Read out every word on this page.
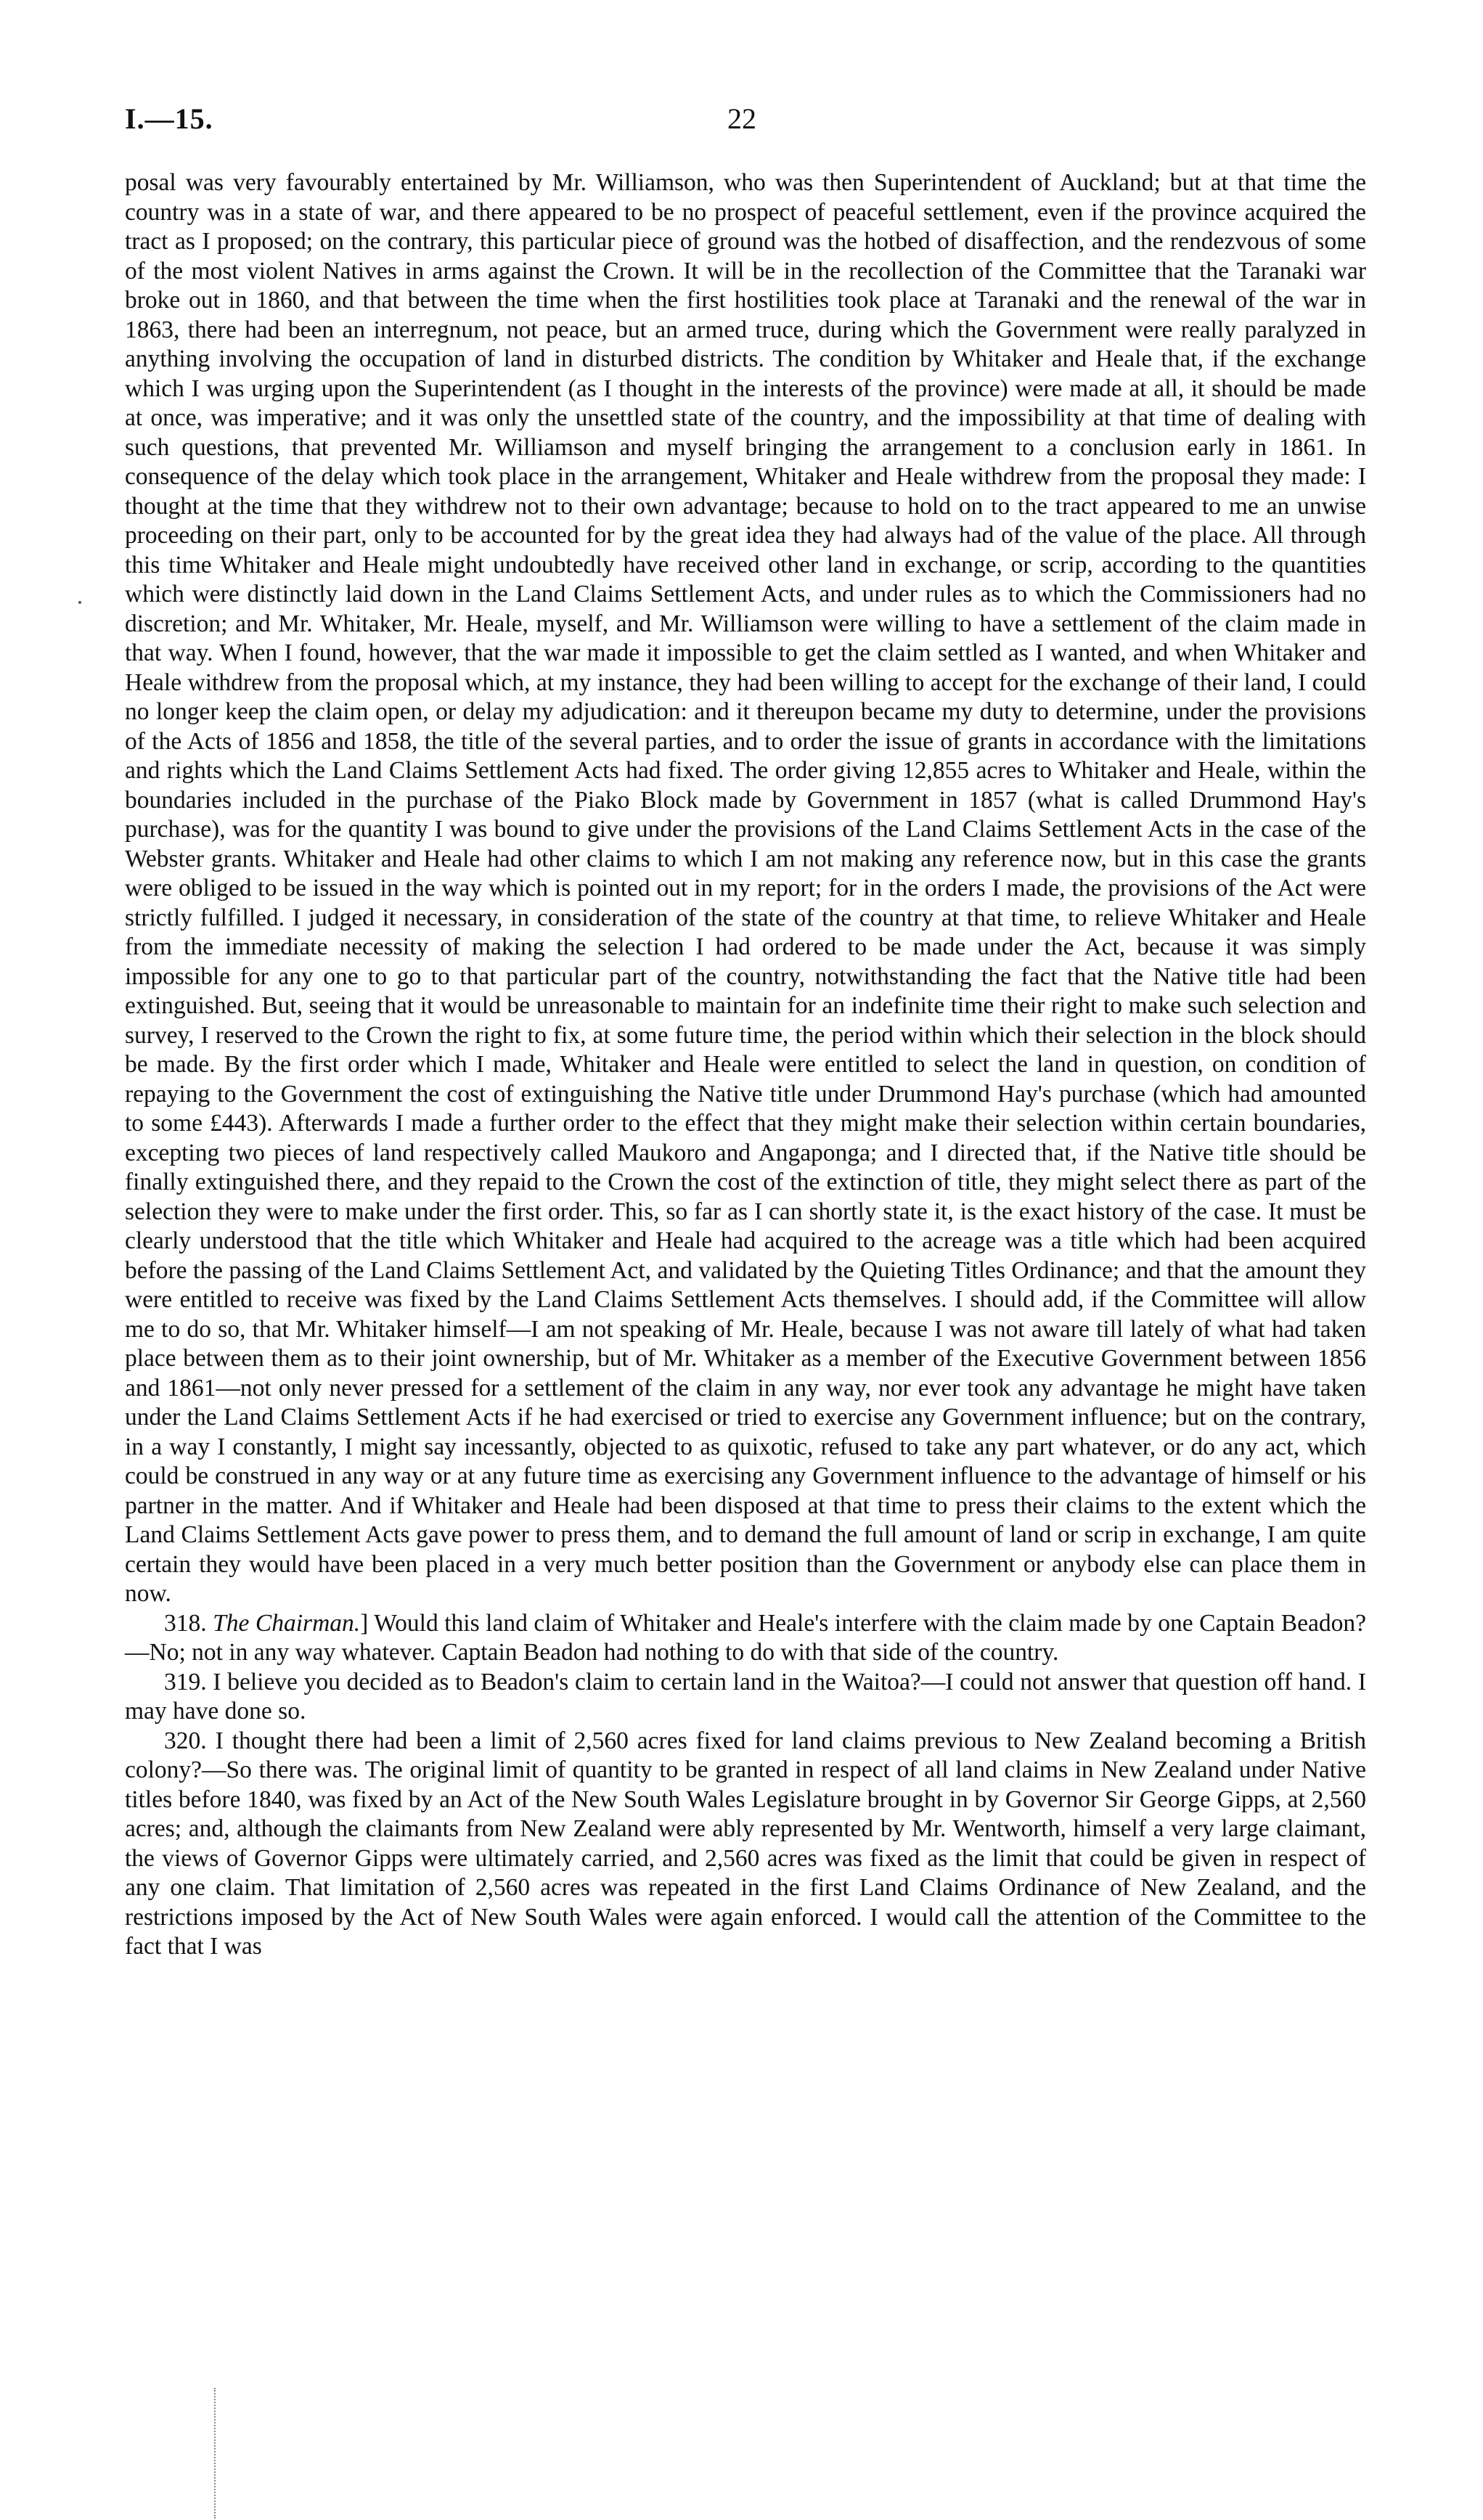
I.—15.	22

posal was very favourably entertained by Mr. Williamson, who was then Superintendent of Auckland; but at that time the country was in a state of war, and there appeared to be no prospect of peaceful settlement, even if the province acquired the tract as I proposed; on the contrary, this particular piece of ground was the hotbed of disaffection, and the rendezvous of some of the most violent Natives in arms against the Crown. It will be in the recollection of the Committee that the Taranaki war broke out in 1860, and that between the time when the first hostilities took place at Taranaki and the renewal of the war in 1863, there had been an interregnum, not peace, but an armed truce, during which the Government were really paralyzed in anything involving the occupation of land in disturbed districts. The condition by Whitaker and Heale that, if the exchange which I was urging upon the Superintendent (as I thought in the interests of the province) were made at all, it should be made at once, was imperative; and it was only the unsettled state of the country, and the impossibility at that time of dealing with such questions, that prevented Mr. Williamson and myself bringing the arrangement to a conclusion early in 1861. In consequence of the delay which took place in the arrangement, Whitaker and Heale withdrew from the proposal they made: I thought at the time that they withdrew not to their own advantage; because to hold on to the tract appeared to me an unwise proceeding on their part, only to be accounted for by the great idea they had always had of the value of the place. All through this time Whitaker and Heale might undoubtedly have received other land in exchange, or scrip, according to the quantities which were distinctly laid down in the Land Claims Settlement Acts, and under rules as to which the Commissioners had no discretion; and Mr. Whitaker, Mr. Heale, myself, and Mr. Williamson were willing to have a settlement of the claim made in that way. When I found, however, that the war made it impossible to get the claim settled as I wanted, and when Whitaker and Heale withdrew from the proposal which, at my instance, they had been willing to accept for the exchange of their land, I could no longer keep the claim open, or delay my adjudication: and it thereupon became my duty to determine, under the provisions of the Acts of 1856 and 1858, the title of the several parties, and to order the issue of grants in accordance with the limitations and rights which the Land Claims Settlement Acts had fixed. The order giving 12,855 acres to Whitaker and Heale, within the boundaries included in the purchase of the Piako Block made by Government in 1857 (what is called Drummond Hay's purchase), was for the quantity I was bound to give under the provisions of the Land Claims Settlement Acts in the case of the Webster grants. Whitaker and Heale had other claims to which I am not making any reference now, but in this case the grants were obliged to be issued in the way which is pointed out in my report; for in the orders I made, the provisions of the Act were strictly fulfilled. I judged it necessary, in consideration of the state of the country at that time, to relieve Whitaker and Heale from the immediate necessity of making the selection I had ordered to be made under the Act, because it was simply impossible for any one to go to that particular part of the country, notwithstanding the fact that the Native title had been extinguished. But, seeing that it would be unreasonable to maintain for an indefinite time their right to make such selection and survey, I reserved to the Crown the right to fix, at some future time, the period within which their selection in the block should be made. By the first order which I made, Whitaker and Heale were entitled to select the land in question, on condition of repaying to the Government the cost of extinguishing the Native title under Drummond Hay's purchase (which had amounted to some £443). Afterwards I made a further order to the effect that they might make their selection within certain boundaries, excepting two pieces of land respectively called Maukoro and Angaponga; and I directed that, if the Native title should be finally extinguished there, and they repaid to the Crown the cost of the extinction of title, they might select there as part of the selection they were to make under the first order. This, so far as I can shortly state it, is the exact history of the case. It must be clearly understood that the title which Whitaker and Heale had acquired to the acreage was a title which had been acquired before the passing of the Land Claims Settlement Act, and validated by the Quieting Titles Ordinance; and that the amount they were entitled to receive was fixed by the Land Claims Settlement Acts themselves. I should add, if the Committee will allow me to do so, that Mr. Whitaker himself—I am not speaking of Mr. Heale, because I was not aware till lately of what had taken place between them as to their joint ownership, but of Mr. Whitaker as a member of the Executive Government between 1856 and 1861—not only never pressed for a settlement of the claim in any way, nor ever took any advantage he might have taken under the Land Claims Settlement Acts if he had exercised or tried to exercise any Government influence; but on the contrary, in a way I constantly, I might say incessantly, objected to as quixotic, refused to take any part whatever, or do any act, which could be construed in any way or at any future time as exercising any Government influence to the advantage of himself or his partner in the matter. And if Whitaker and Heale had been disposed at that time to press their claims to the extent which the Land Claims Settlement Acts gave power to press them, and to demand the full amount of land or scrip in exchange, I am quite certain they would have been placed in a very much better position than the Government or anybody else can place them in now.

318. The Chairman.] Would this land claim of Whitaker and Heale's interfere with the claim made by one Captain Beadon?—No; not in any way whatever. Captain Beadon had nothing to do with that side of the country.

319. I believe you decided as to Beadon's claim to certain land in the Waitoa?—I could not answer that question off hand. I may have done so.

320. I thought there had been a limit of 2,560 acres fixed for land claims previous to New Zealand becoming a British colony?—So there was. The original limit of quantity to be granted in respect of all land claims in New Zealand under Native titles before 1840, was fixed by an Act of the New South Wales Legislature brought in by Governor Sir George Gipps, at 2,560 acres; and, although the claimants from New Zealand were ably represented by Mr. Wentworth, himself a very large claimant, the views of Governor Gipps were ultimately carried, and 2,560 acres was fixed as the limit that could be given in respect of any one claim. That limitation of 2,560 acres was repeated in the first Land Claims Ordinance of New Zealand, and the restrictions imposed by the Act of New South Wales were again enforced. I would call the attention of the Committee to the fact that I was
